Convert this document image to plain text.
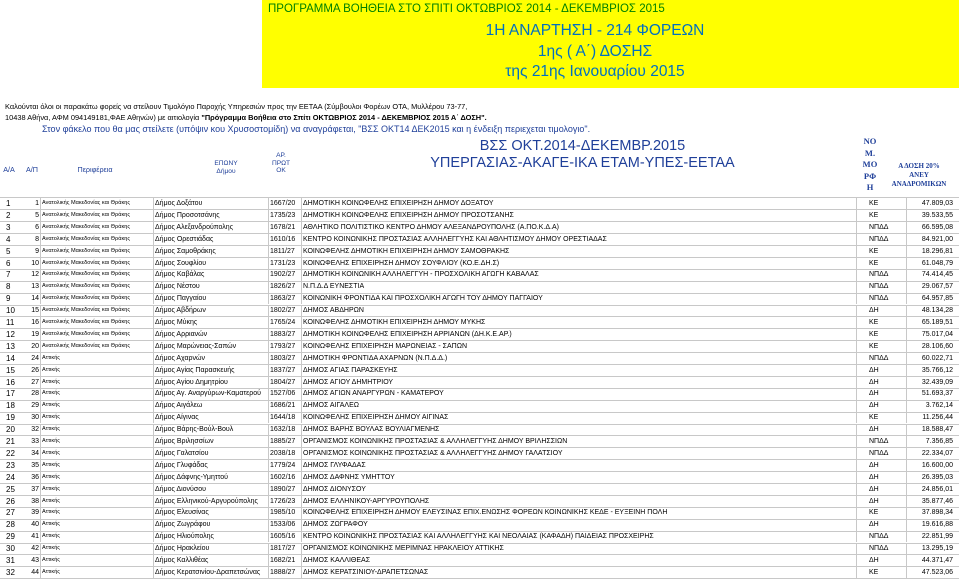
ΠΡΟΓΡΑΜΜΑ ΒΟΗΘΕΙΑ ΣΤΟ ΣΠΙΤΙ ΟΚΤΩΒΡΙΟΣ 2014 - ΔΕΚΕΜΒΡΙΟΣ 2015
1Η ΑΝΑΡΤΗΣΗ - 214 ΦΟΡΕΩΝ
1ης ( Α΄) ΔΟΣΗΣ
της 21ης Ιανουαρίου 2015
Καλούνται όλοι οι παρακάτω φορείς να στείλουν Τιμολόγιο Παροχής Υπηρεσιών προς την ΕΕΤΑΑ (Σύμβουλοι Φορέων ΟΤΑ, Μυλλέρου 73-77,
10438 Αθήνα, ΑΦΜ 094149181,ΦΑΕ Αθηνών) με αιτιολογία "Πρόγραμμα Βοήθεια στο Σπίτι ΟΚΤΩΒΡΙΟΣ 2014 - ΔΕΚΕΜΒΡΙΟΣ 2015 Α΄ ΔΟΣΗ".
Στον φάκελο που θα μας στείλετε (υπόψιν κου Χρυσοστομίδη) να αναγράφεται, "ΒΣΣ ΟΚΤ14 ΔΕΚ2015 και η ένδειξη περιεχεται τιμολογιο".
Α/Α	Α/Π	Περιφέρεια
ΕΠΩΝΥ
Δήμου
ΑΡ.
ΠΡΩΤ
ΟΚ
ΒΣΣ ΟΚΤ.2014-ΔΕΚΕΜΒΡ.2015
ΥΠΕΡΓΑΣΙΑΣ-ΑΚΑΓΕ-ΙΚΑ ΕΤΑΜ-ΥΠΕΣ-ΕΕΤΑΑ
ΝΟ
Μ.
ΜΟ
ΡΦ
Η
Α ΔΟΣΗ 20%
ΑΝΕΥ
ΑΝΑΔΡΟΜΙΚΩΝ
1	1 Ανατολικής Μακεδονίας και Θράκης	Δήμος Δοξάτου	1667/20	ΔΗΜΟΤΙΚΗ ΚΟΙΝΩΦΕΛΗΣ ΕΠΙΧΕΙΡΗΣΗ ΔΗΜΟΥ ΔΟΞΑΤΟΥ	ΚΕ	47.809,03
2	5 Ανατολικής Μακεδονίας και Θράκης	Δήμος Προσοτσάνης	1735/23	ΔΗΜΟΤΙΚΗ ΚΟΙΝΩΦΕΛΗΣ ΕΠΙΧΕΙΡΗΣΗ ΔΗΜΟΥ ΠΡΟΣΟΤΣΑΝΗΣ	ΚΕ	39.533,55
3	6 Ανατολικής Μακεδονίας και Θράκης	Δήμος Αλεξανδρούπολης	1678/21	ΑΘΛΗΤΙΚΟ ΠΟΛΙΤΙΣΤΙΚΟ ΚΕΝΤΡΟ ΔΗΜΟΥ ΑΛΕΞΑΝΔΡΟΥΠΟΛΗΣ (Α.ΠΟ.Κ.Δ.Α)	ΝΠΔΔ	66.595,08
4	8 Ανατολικής Μακεδονίας και Θράκης	Δήμος Ορεστιάδας	1610/16	ΚΕΝΤΡΟ ΚΟΙΝΩΝΙΚΗΣ ΠΡΟΣΤΑΣΙΑΣ ΑΛΛΗΛΕΓΓΥΗΣ ΚΑΙ ΑΘΛΗΤΙΣΜΟΥ ΔΗΜΟΥ ΟΡΕΣΤΙΑΔΑΣ	ΝΠΔΔ	84.921,00
5	9 Ανατολικής Μακεδονίας και Θράκης	Δήμος Σαμοθράκης	1811/27	ΚΟΙΝΩΦΕΛΗΣ ΔΗΜΟΤΙΚΗ ΕΠΙΧΕΙΡΗΣΗ ΔΗΜΟΥ ΣΑΜΟΘΡΑΚΗΣ	ΚΕ	18.296,81
6	10 Ανατολικής Μακεδονίας και Θράκης	Δήμος Σουφλίου	1731/23	ΚΟΙΝΩΦΕΛΗΣ ΕΠΙΧΕΙΡΗΣΗ ΔΗΜΟΥ ΣΟΥΦΛΙΟΥ (ΚΟ.Ε.ΔΗ.Σ)	ΚΕ	61.048,79
7	12 Ανατολικής Μακεδονίας και Θράκης	Δήμος Καβάλας	1902/27	ΔΗΜΟΤΙΚΗ ΚΟΙΝΩΝΙΚΗ ΑΛΛΗΛΕΓΓΥΗ - ΠΡΟΣΧΟΛΙΚΗ ΑΓΩΓΗ ΚΑΒΑΛΑΣ	ΝΠΔΔ	74.414,45
8	13 Ανατολικής Μακεδονίας και Θράκης	Δήμος Νέστου	1826/27	Ν.Π.Δ.Δ ΕΥΝΕΣΤΙΑ	ΝΠΔΔ	29.067,57
9	14 Ανατολικής Μακεδονίας και Θράκης	Δήμος Παγγαίου	1863/27	ΚΟΙΝΩΝΙΚΗ ΦΡΟΝΤΙΔΑ ΚΑΙ ΠΡΟΣΧΟΛΙΚΗ ΑΓΩΓΗ ΤΟΥ ΔΗΜΟΥ ΠΑΓΓΑΙΟΥ	ΝΠΔΔ	64.957,85
10	15 Ανατολικής Μακεδονίας και Θράκης	Δήμος Αβδήρων	1802/27	ΔΗΜΟΣ ΑΒΔΗΡΩΝ	ΔΗ	48.134,28
11	16 Ανατολικής Μακεδονίας και Θράκης	Δήμος Μύκης	1765/24	ΚΟΙΝΩΦΕΛΗΣ ΔΗΜΟΤΙΚΗ ΕΠΙΧΕΙΡΗΣΗ ΔΗΜΟΥ ΜΥΚΗΣ	ΚΕ	65.189,51
12	19 Ανατολικής Μακεδονίας και Θράκης	Δήμος Αρριανών	1883/27	ΔΗΜΟΤΙΚΗ ΚΟΙΝΩΦΕΛΗΣ ΕΠΙΧΕΙΡΗΣΗ ΑΡΡΙΑΝΩΝ (ΔΗ.Κ.Ε.ΑΡ.)	ΚΕ	75.017,04
13	20 Ανατολικής Μακεδονίας και Θράκης	Δήμος Μαρώνειας-Σαπών	1793/27	ΚΟΙΝΩΦΕΛΗΣ ΕΠΙΧΕΙΡΗΣΗ ΜΑΡΩΝΕΙΑΣ - ΣΑΠΩΝ	ΚΕ	28.106,60
14	24 Αττικής	Δήμος Αχαρνών	1803/27	ΔΗΜΟΤΙΚΗ ΦΡΟΝΤΙΔΑ ΑΧΑΡΝΩΝ (Ν.Π.Δ.Δ.)	ΝΠΔΔ	60.022,71
15	26 Αττικής	Δήμος Αγίας Παρασκευής	1837/27	ΔΗΜΟΣ ΑΓΙΑΣ ΠΑΡΑΣΚΕΥΗΣ	ΔΗ	35.766,12
16	27 Αττικής	Δήμος Αγίου Δημητρίου	1804/27	ΔΗΜΟΣ ΑΓΙΟΥ ΔΗΜΗΤΡΙΟΥ	ΔΗ	32.439,09
17	28 Αττικής	Δήμος Αγ. Αναργύρων-Καματερού	1527/06	ΔΗΜΟΣ ΑΓΙΩΝ ΑΝΑΡΓΥΡΩΝ - ΚΑΜΑΤΕΡΟΥ	ΔΗ	51.693,37
18	29 Αττικής	Δήμος Αιγάλεω	1686/21	ΔΗΜΟΣ ΑΙΓΑΛΕΩ	ΔΗ	3.762,14
19	30 Αττικής	Δήμος Αίγινας	1644/18	ΚΟΙΝΩΦΕΛΗΣ ΕΠΙΧΕΙΡΗΣΗ ΔΗΜΟΥ ΑΙΓΙΝΑΣ	ΚΕ	11.256,44
20	32 Αττικής	Δήμος Βάρης-Βούλ-Βουλ	1632/18	ΔΗΜΟΣ ΒΑΡΗΣ ΒΟΥΛΑΣ ΒΟΥΛΙΑΓΜΕΝΗΣ	ΔΗ	18.588,47
21	33 Αττικής	Δήμος Βριλησσίων	1885/27	ΟΡΓΑΝΙΣΜΟΣ ΚΟΙΝΩΝΙΚΗΣ ΠΡΟΣΤΑΣΙΑΣ & ΑΛΛΗΛΕΓΓΥΗΣ ΔΗΜΟΥ ΒΡΙΛΗΣΣΙΩΝ	ΝΠΔΔ	7.356,85
22	34 Αττικής	Δήμος Γαλατσίου	2038/18	ΟΡΓΑΝΙΣΜΟΣ ΚΟΙΝΩΝΙΚΗΣ ΠΡΟΣΤΑΣΙΑΣ & ΑΛΛΗΛΕΓΓΥΗΣ ΔΗΜΟΥ ΓΑΛΑΤΣΙΟΥ	ΝΠΔΔ	22.334,07
23	35 Αττικής	Δήμος Γλυφάδας	1779/24	ΔΗΜΟΣ ΓΛΥΦΑΔΑΣ	ΔΗ	16.600,00
24	36 Αττικής	Δήμος Δάφνης-Υμηττού	1602/16	ΔΗΜΟΣ ΔΑΦΝΗΣ ΥΜΗΤΤΟΥ	ΔΗ	26.395,03
25	37 Αττικής	Δήμος Διονύσου	1890/27	ΔΗΜΟΣ ΔΙΟΝΥΣΟΥ	ΔΗ	24.856,01
26	38 Αττικής	Δήμος Ελληνικού-Αργυρούπολης	1726/23	ΔΗΜΟΣ ΕΛΛΗΝΙΚΟΥ-ΑΡΓΥΡΟΥΠΟΛΗΣ	ΔΗ	35.877,46
27	39 Αττικής	Δήμος Ελευσίνας	1985/10	ΚΟΙΝΩΦΕΛΗΣ ΕΠΙΧΕΙΡΗΣΗ ΔΗΜΟΥ ΕΛΕΥΣΙΝΑΣ ΕΠΙΧ.ΕΝΩΣΗΣ ΦΟΡΕΩΝ ΚΟΙΝΩΝΙΚΗΣ ΚΕΔΕ - ΕΥΞΕΙΝΗ ΠΟΛΗ	ΚΕ	37.898,34
28	40 Αττικής	Δήμος Ζωγράφου	1533/06	ΔΗΜΟΣ ΖΩΓΡΑΦΟΥ	ΔΗ	19.616,88
29	41 Αττικής	Δήμος Ηλιούπολης	1605/16	ΚΕΝΤΡΟ ΚΟΙΝΩΝΙΚΗΣ ΠΡΟΣΤΑΣΙΑΣ ΚΑΙ ΑΛΛΗΛΕΓΓΥΗΣ ΚΑΙ ΝΕΟΛΑΙΑΣ (ΚΑΦΑΔΗ) ΠΑΙΔΕΙΑΣ ΠΡΟΣΧΕΙΡΗΣ	ΝΠΔΔ	22.851,99
30	42 Αττικής	Δήμος Ηρακλείου	1817/27	ΟΡΓΑΝΙΣΜΟΣ ΚΟΙΝΩΝΙΚΗΣ ΜΕΡΙΜΝΑΣ ΗΡΑΚΛΕΙΟΥ ΑΤΤΙΚΗΣ	ΝΠΔΔ	13.295,19
31	43 Αττικής	Δήμος Καλλιθέας	1682/21	ΔΗΜΟΣ ΚΑΛΛΙΘΕΑΣ	ΔΗ	44.371,47
32	44 Αττικής	Δήμος Κερατσινίου-Δραπετσώνας	1888/27	ΔΗΜΟΣ ΚΕΡΑΤΣΙΝΙΟΥ-ΔΡΑΠΕΤΣΩΝΑΣ	ΚΕ	47.523,06
